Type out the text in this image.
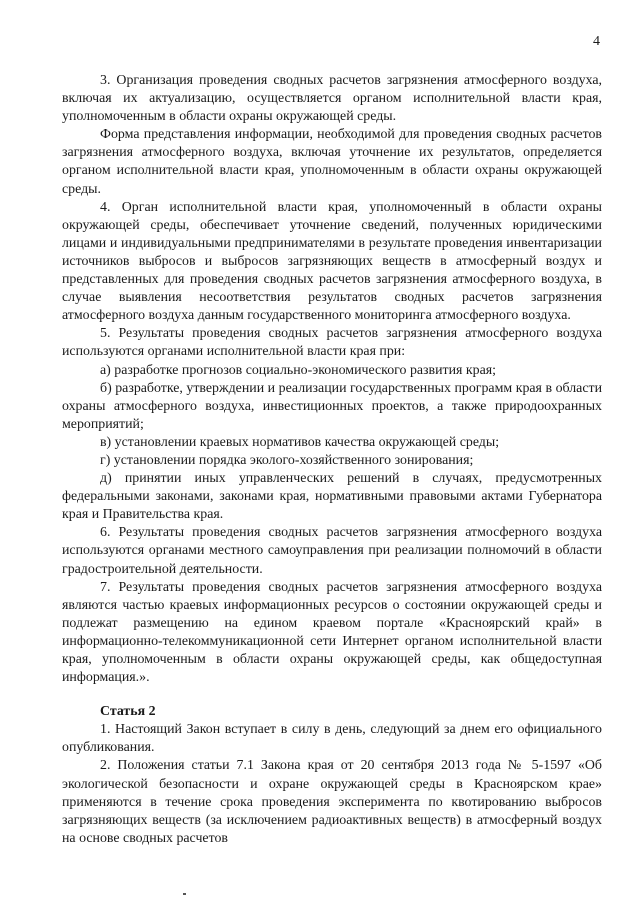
4

3. Организация проведения сводных расчетов загрязнения атмосферного воздуха, включая их актуализацию, осуществляется органом исполнительной власти края, уполномоченным в области охраны окружающей среды.

Форма представления информации, необходимой для проведения сводных расчетов загрязнения атмосферного воздуха, включая уточнение их результатов, определяется органом исполнительной власти края, уполномоченным в области охраны окружающей среды.

4. Орган исполнительной власти края, уполномоченный в области охраны окружающей среды, обеспечивает уточнение сведений, полученных юридическими лицами и индивидуальными предпринимателями в результате проведения инвентаризации источников выбросов и выбросов загрязняющих веществ в атмосферный воздух и представленных для проведения сводных расчетов загрязнения атмосферного воздуха, в случае выявления несоответствия результатов сводных расчетов загрязнения атмосферного воздуха данным государственного мониторинга атмосферного воздуха.

5. Результаты проведения сводных расчетов загрязнения атмосферного воздуха используются органами исполнительной власти края при:

а) разработке прогнозов социально-экономического развития края;

б) разработке, утверждении и реализации государственных программ края в области охраны атмосферного воздуха, инвестиционных проектов, а также природоохранных мероприятий;

в) установлении краевых нормативов качества окружающей среды;

г) установлении порядка эколого-хозяйственного зонирования;

д) принятии иных управленческих решений в случаях, предусмотренных федеральными законами, законами края, нормативными правовыми актами Губернатора края и Правительства края.

6. Результаты проведения сводных расчетов загрязнения атмосферного воздуха используются органами местного самоуправления при реализации полномочий в области градостроительной деятельности.

7. Результаты проведения сводных расчетов загрязнения атмосферного воздуха являются частью краевых информационных ресурсов о состоянии окружающей среды и подлежат размещению на едином краевом портале «Красноярский край» в информационно-телекоммуникационной сети Интернет органом исполнительной власти края, уполномоченным в области охраны окружающей среды, как общедоступная информация.».

Статья 2

1. Настоящий Закон вступает в силу в день, следующий за днем его официального опубликования.

2. Положения статьи 7.1 Закона края от 20 сентября 2013 года № 5-1597 «Об экологической безопасности и охране окружающей среды в Красноярском крае» применяются в течение срока проведения эксперимента по квотированию выбросов загрязняющих веществ (за исключением радиоактивных веществ) в атмосферный воздух на основе сводных расчетов
